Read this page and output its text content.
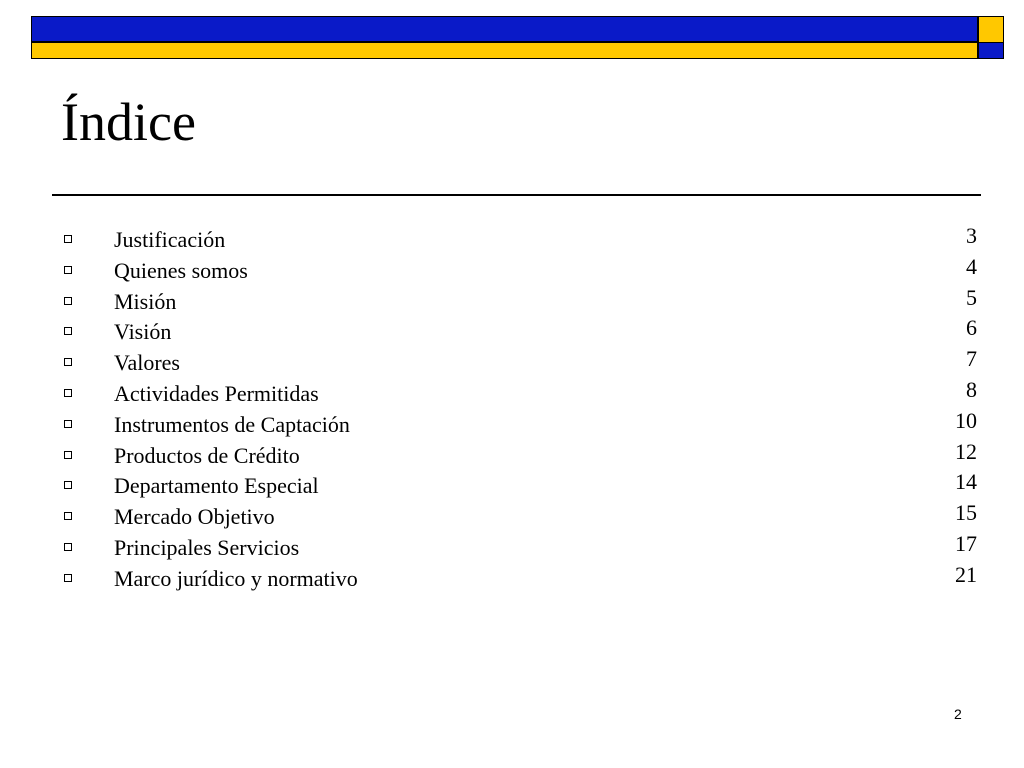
Índice
Justificación	3
Quienes somos	4
Misión	5
Visión	6
Valores	7
Actividades Permitidas	8
Instrumentos de Captación	10
Productos de Crédito	12
Departamento Especial	14
Mercado Objetivo	15
Principales Servicios	17
Marco jurídico y normativo	21
2
